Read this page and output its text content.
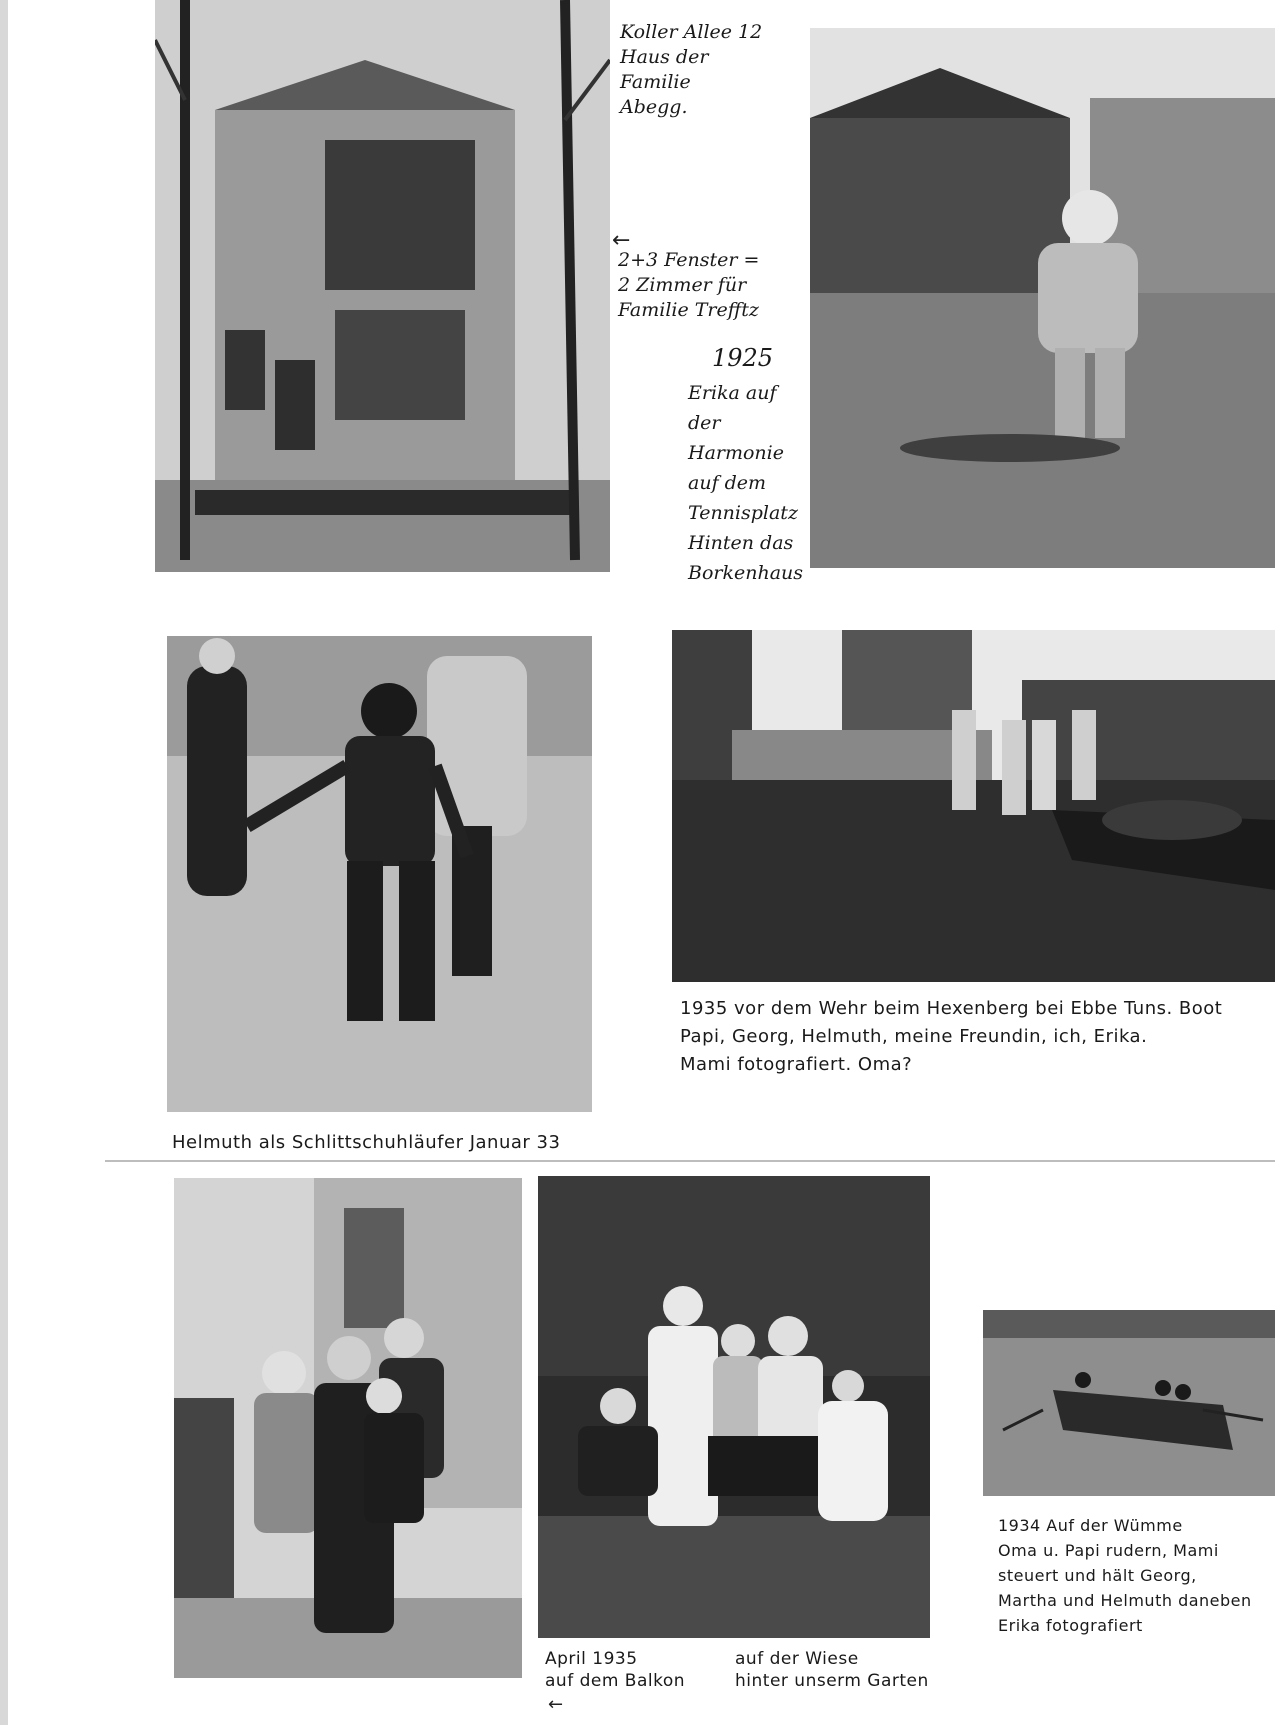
Koller Allee 12
Haus der
Familie
Abegg.
←
2+3 Fenster =
2 Zimmer für
Familie Trefftz
1925
Erika auf
der Harmonie
auf dem
Tennisplatz
Hinten das
Borkenhaus
Helmuth als Schlittschuhläufer Januar 33
1935 vor dem Wehr beim Hexenberg bei Ebbe Tuns. Boot
Papi, Georg, Helmuth, meine Freundin, ich, Erika.
Mami fotografiert. Oma?
April 1935
auf dem Balkon
←
auf der Wiese
hinter unserm Garten
1934 Auf der Wümme
Oma u. Papi rudern, Mami
steuert und hält Georg,
Martha und Helmuth daneben
Erika fotografiert
